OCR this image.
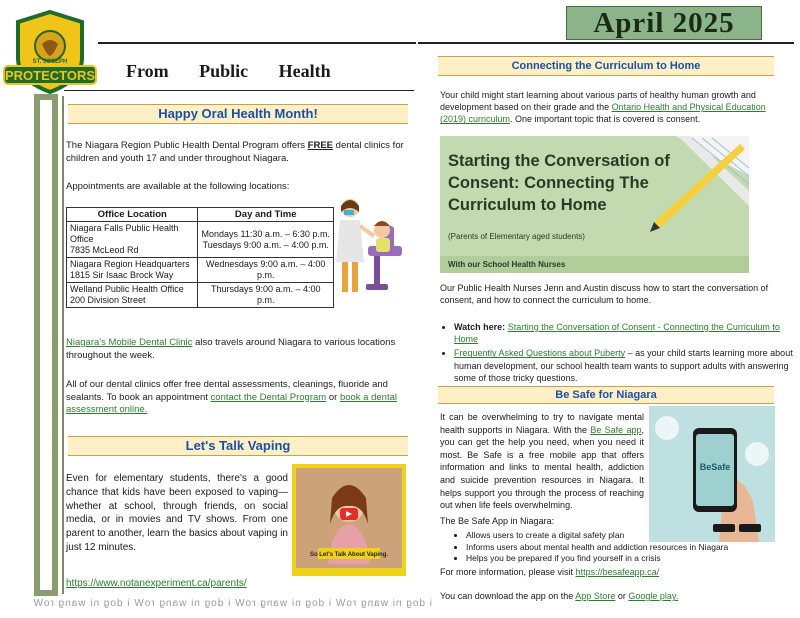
PROTECTORS
ST. JOSEPH	From Public Health
April 2025
Happy Oral Health Month!
The Niagara Region Public Health Dental Program offers FREE dental clinics for children and youth 17 and under throughout Niagara.
Appointments are available at the following locations:
Office Location	Day and Time
Niagara Falls Public Health Office
7835 McLeod Rd	Mondays 11:30 a.m. – 6:30 p.m.
Tuesdays 9:00 a.m. – 4:00 p.m.
Niagara Region Headquarters
1815 Sir Isaac Brock Way	Wednesdays 9:00 a.m. – 4:00 p.m.
Welland Public Health Office
200 Division Street	Thursdays 9:00 a.m. – 4:00 p.m.
Niagara's Mobile Dental Clinic also travels around Niagara to various locations throughout the week.
All of our dental clinics offer free dental assessments, cleanings, fluoride and sealants. To book an appointment contact the Dental Program or book a dental assessment online.
Let's Talk Vaping
Even for elementary students, there's a good chance that kids have been exposed to vaping—whether at school, through friends, on social media, or in movies and TV shows. From one parent to another, learn the basics about vaping in just 12 minutes.
So Let's Talk About Vaping.
https://www.notanexperiment.ca/parents/
Connecting the Curriculum to Home
Your child might start learning about various parts of healthy human growth and development based on their grade and the Ontario Health and Physical Education (2019) curriculum. One important topic that is covered is consent.
Starting the Conversation of Consent: Connecting The Curriculum to Home
(Parents of Elementary aged students)
With our School Health Nurses
Our Public Health Nurses Jenn and Austin discuss how to start the conversation of consent, and how to connect the curriculum to home.
• Watch here: Starting the Conversation of Consent - Connecting the Curriculum to Home
• Frequently Asked Questions about Puberty – as your child starts learning more about human development, our school health team wants to support adults with answering some of those tricky questions.
Be Safe for Niagara
It can be overwhelming to try to navigate mental health supports in Niagara. With the Be Safe app, you can get the help you need, when you need it most. Be Safe is a free mobile app that offers information and links to mental health, addiction and suicide prevention resources in Niagara. It helps support you through the process of reaching out when life feels overwhelming.
BeSafe
The Be Safe App in Niagara:
• Allows users to create a digital safety plan
• Informs users about mental health and addiction resources in Niagara
• Helps you be prepared if you find yourself in a crisis
For more information, please visit https://besafeapp.ca/
You can download the app on the App Store or Google play.
i dog ni wang roW i dog ni wang roW i dog ni wang roW i dog ni wang roW
